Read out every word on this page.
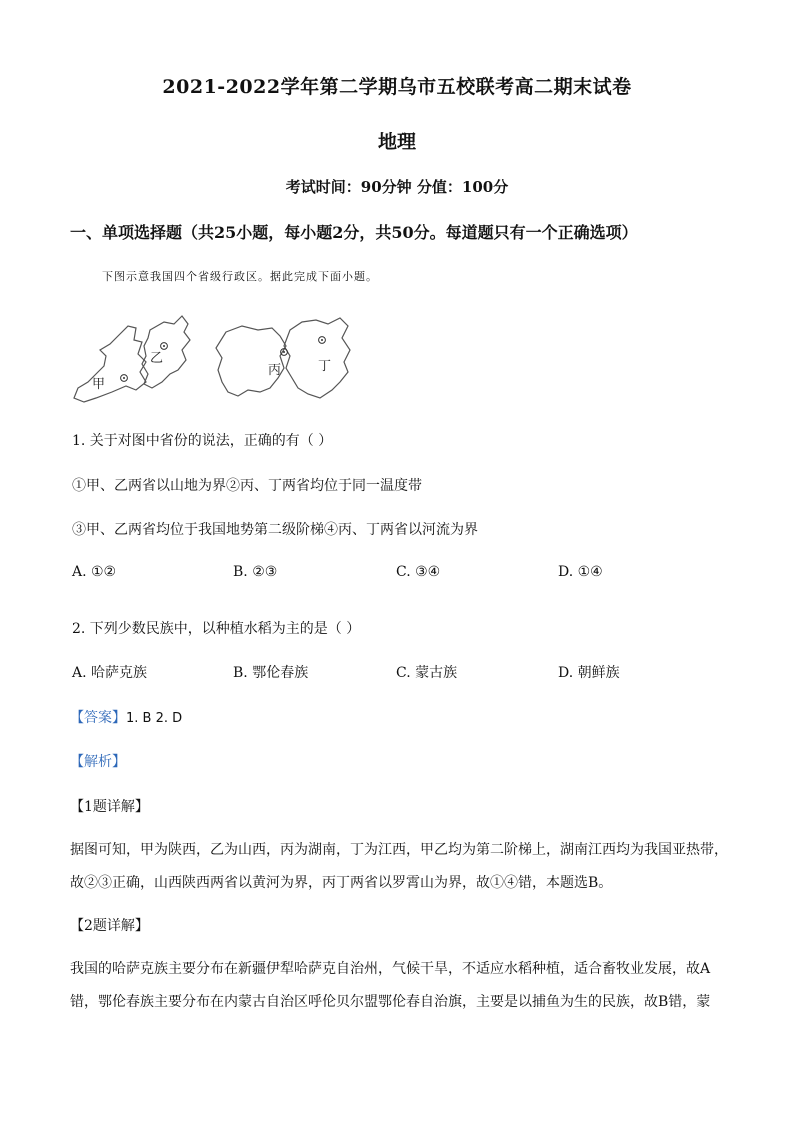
2021-2022学年第二学期乌市五校联考高二期末试卷
地理
考试时间：90分钟 分值：100分
一、单项选择题（共25小题，每小题2分，共50分。每道题只有一个正确选项）
下图示意我国四个省级行政区。据此完成下面小题。
甲
乙
丙	丁
1. 关于对图中省份的说法，正确的有（ ）
①甲、乙两省以山地为界②丙、丁两省均位于同一温度带
③甲、乙两省均位于我国地势第二级阶梯④丙、丁两省以河流为界
A. ①②	B. ②③	C. ③④	D. ①④
2. 下列少数民族中，以种植水稻为主的是（ ）
A. 哈萨克族	B. 鄂伦春族	C. 蒙古族	D. 朝鲜族
【答案】1. B 2. D
【解析】
【1题详解】
据图可知，甲为陕西，乙为山西，丙为湖南，丁为江西，甲乙均为第二阶梯上，湖南江西均为我国亚热带，故②③正确，山西陕西两省以黄河为界，丙丁两省以罗霄山为界，故①④错，本题选B。
【2题详解】
我国的哈萨克族主要分布在新疆伊犁哈萨克自治州，气候干旱，不适应水稻种植，适合畜牧业发展，故A错，鄂伦春族主要分布在内蒙古自治区呼伦贝尔盟鄂伦春自治旗，主要是以捕鱼为生的民族，故B错，蒙
